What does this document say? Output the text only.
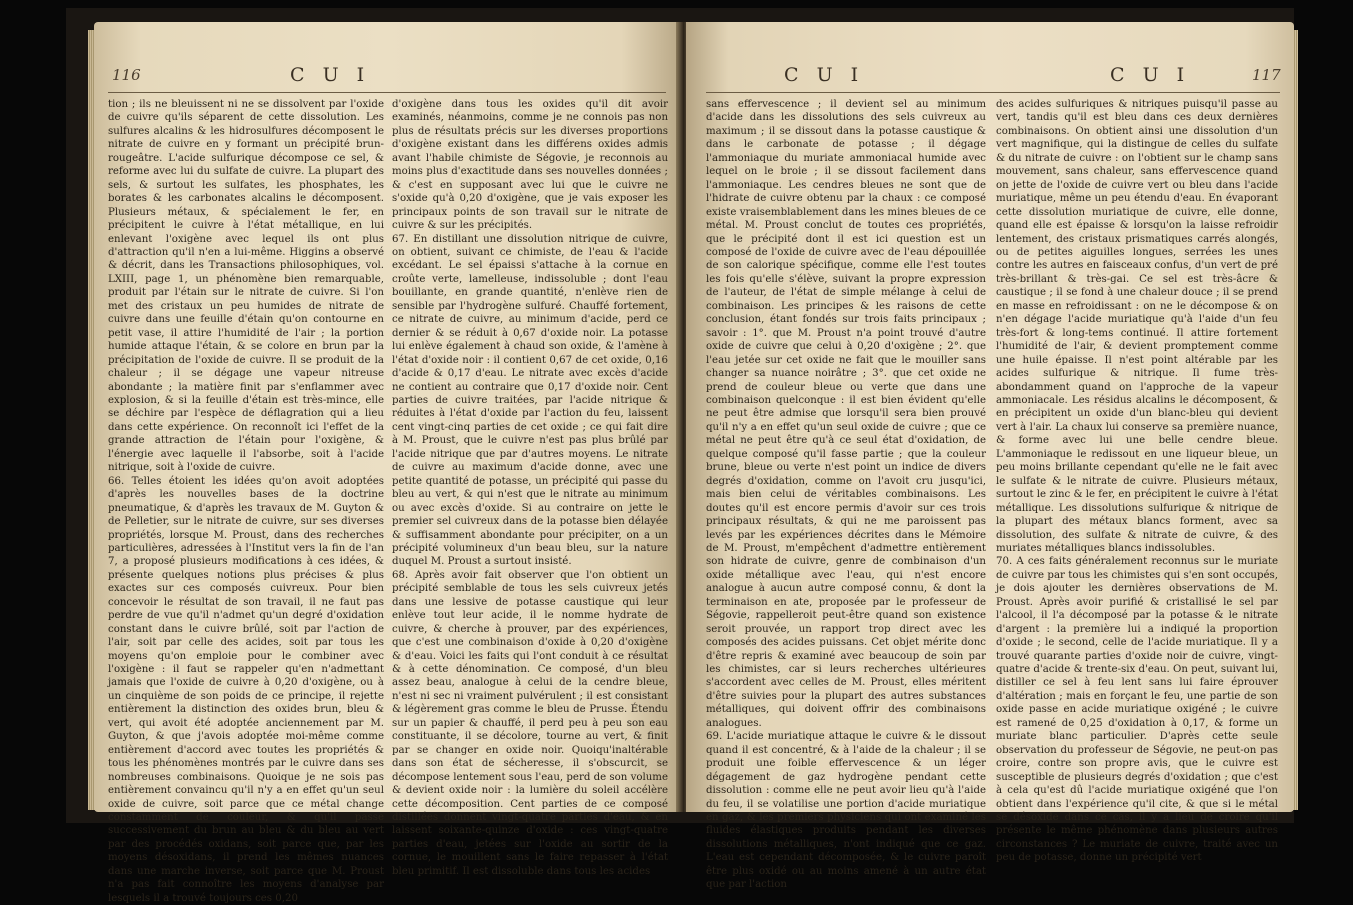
116	C U I

tion ; ils ne bleuissent ni ne se dissolvent par l'oxide de cuivre qu'ils séparent de cette dissolution. Les sulfures alcalins & les hidrosulfures décomposent le nitrate de cuivre en y formant un précipité brun-rougeâtre. L'acide sulfurique décompose ce sel, & reforme avec lui du sulfate de cuivre. La plupart des sels, & surtout les sulfates, les phosphates, les borates & les carbonates alcalins le décomposent. Plusieurs métaux, & spécialement le fer, en précipitent le cuivre à l'état métallique, en lui enlevant l'oxigène avec lequel ils ont plus d'attraction qu'il n'en a lui-même. Higgins a observé & décrit, dans les Transactions philosophiques, vol. LXIII, page 1, un phénomène bien remarquable, produit par l'étain sur le nitrate de cuivre. Si l'on met des cristaux un peu humides de nitrate de cuivre dans une feuille d'étain qu'on contourne en petit vase, il attire l'humidité de l'air ; la portion humide attaque l'étain, & se colore en brun par la précipitation de l'oxide de cuivre. Il se produit de la chaleur ; il se dégage une vapeur nitreuse abondante ; la matière finit par s'enflammer avec explosion, & si la feuille d'étain est très-mince, elle se déchire par l'espèce de déflagration qui a lieu dans cette expérience. On reconnoît ici l'effet de la grande attraction de l'étain pour l'oxigène, & l'énergie avec laquelle il l'absorbe, soit à l'acide nitrique, soit à l'oxide de cuivre.
66. Telles étoient les idées qu'on avoit adoptées d'après les nouvelles bases de la doctrine pneumatique, & d'après les travaux de M. Guyton & de Pelletier, sur le nitrate de cuivre, sur ses diverses propriétés, lorsque M. Proust, dans des recherches particulières, adressées à l'Institut vers la fin de l'an 7, a proposé plusieurs modifications à ces idées, & présente quelques notions plus précises & plus exactes sur ces composés cuivreux. Pour bien concevoir le résultat de son travail, il ne faut pas perdre de vue qu'il n'admet qu'un degré d'oxidation constant dans le cuivre brûlé, soit par l'action de l'air, soit par celle des acides, soit par tous les moyens qu'on emploie pour le combiner avec l'oxigène : il faut se rappeler qu'en n'admettant jamais que l'oxide de cuivre à 0,20 d'oxigène, ou à un cinquième de son poids de ce principe, il rejette entièrement la distinction des oxides brun, bleu & vert, qui avoit été adoptée anciennement par M. Guyton, & que j'avois adoptée moi-même comme entièrement d'accord avec toutes les propriétés & tous les phénomènes montrés par le cuivre dans ses nombreuses combinaisons. Quoique je ne sois pas entièrement convaincu qu'il n'y a en effet qu'un seul oxide de cuivre, soit parce que ce métal change constamment de couleur, & qu'il passe successivement du brun au bleu & du bleu au vert par des procédés oxidans, soit parce que, par les moyens désoxidans, il prend les mêmes nuances dans une marche inverse, soit parce que M. Proust n'a pas fait connoître les moyens d'analyse par lesquels il a trouvé toujours ces 0,20

d'oxigène dans tous les oxides qu'il dit avoir examinés, néanmoins, comme je ne connois pas non plus de résultats précis sur les diverses proportions d'oxigène existant dans les différens oxides admis avant l'habile chimiste de Ségovie, je reconnois au moins plus d'exactitude dans ses nouvelles données ; & c'est en supposant avec lui que le cuivre ne s'oxide qu'à 0,20 d'oxigène, que je vais exposer les principaux points de son travail sur le nitrate de cuivre & sur les précipités.
67. En distillant une dissolution nitrique de cuivre, on obtient, suivant ce chimiste, de l'eau & l'acide excédant. Le sel épaissi s'attache à la cornue en croûte verte, lamelleuse, indissoluble ; dont l'eau bouillante, en grande quantité, n'enlève rien de sensible par l'hydrogène sulfuré. Chauffé fortement, ce nitrate de cuivre, au minimum d'acide, perd ce dernier & se réduit à 0,67 d'oxide noir. La potasse lui enlève également à chaud son oxide, & l'amène à l'état d'oxide noir : il contient 0,67 de cet oxide, 0,16 d'acide & 0,17 d'eau. Le nitrate avec excès d'acide ne contient au contraire que 0,17 d'oxide noir. Cent parties de cuivre traitées, par l'acide nitrique & réduites à l'état d'oxide par l'action du feu, laissent cent vingt-cinq parties de cet oxide ; ce qui fait dire à M. Proust, que le cuivre n'est pas plus brûlé par l'acide nitrique que par d'autres moyens. Le nitrate de cuivre au maximum d'acide donne, avec une petite quantité de potasse, un précipité qui passe du bleu au vert, & qui n'est que le nitrate au minimum ou avec excès d'oxide. Si au contraire on jette le premier sel cuivreux dans de la potasse bien délayée & suffisamment abondante pour précipiter, on a un précipité volumineux d'un beau bleu, sur la nature duquel M. Proust a surtout insisté.
68. Après avoir fait observer que l'on obtient un précipité semblable de tous les sels cuivreux jetés dans une lessive de potasse caustique qui leur enlève tout leur acide, il le nomme hydrate de cuivre, & cherche à prouver, par des expériences, que c'est une combinaison d'oxide à 0,20 d'oxigène & d'eau. Voici les faits qui l'ont conduit à ce résultat & à cette dénomination. Ce composé, d'un bleu assez beau, analogue à celui de la cendre bleue, n'est ni sec ni vraiment pulvérulent ; il est consistant & légèrement gras comme le bleu de Prusse. Étendu sur un papier & chauffé, il perd peu à peu son eau constituante, il se décolore, tourne au vert, & finit par se changer en oxide noir. Quoiqu'inaltérable dans son état de sécheresse, il s'obscurcit, se décompose lentement sous l'eau, perd de son volume & devient oxide noir : la lumière du soleil accélère cette décomposition. Cent parties de ce composé distillées donnent vingt-quatre parties d'eau, & en laissent soixante-quinze d'oxide : ces vingt-quatre parties d'eau, jetées sur l'oxide au sortir de la cornue, le mouillent sans le faire repasser à l'état bleu primitif. Il est dissoluble dans tous les acides

C U I	C U I	117

sans effervescence ; il devient sel au minimum d'acide dans les dissolutions des sels cuivreux au maximum ; il se dissout dans la potasse caustique & dans le carbonate de potasse ; il dégage l'ammoniaque du muriate ammoniacal humide avec lequel on le broie ; il se dissout facilement dans l'ammoniaque. Les cendres bleues ne sont que de l'hidrate de cuivre obtenu par la chaux : ce composé existe vraisemblablement dans les mines bleues de ce métal. M. Proust conclut de toutes ces propriétés, que le précipité dont il est ici question est un composé de l'oxide de cuivre avec de l'eau dépouillée de son calorique spécifique, comme elle l'est toutes les fois qu'elle s'élève, suivant la propre expression de l'auteur, de l'état de simple mélange à celui de combinaison. Les principes & les raisons de cette conclusion, étant fondés sur trois faits principaux ; savoir : 1°. que M. Proust n'a point trouvé d'autre oxide de cuivre que celui à 0,20 d'oxigène ; 2°. que l'eau jetée sur cet oxide ne fait que le mouiller sans changer sa nuance noirâtre ; 3°. que cet oxide ne prend de couleur bleue ou verte que dans une combinaison quelconque : il est bien évident qu'elle ne peut être admise que lorsqu'il sera bien prouvé qu'il n'y a en effet qu'un seul oxide de cuivre ; que ce métal ne peut être qu'à ce seul état d'oxidation, de quelque composé qu'il fasse partie ; que la couleur brune, bleue ou verte n'est point un indice de divers degrés d'oxidation, comme on l'avoit cru jusqu'ici, mais bien celui de véritables combinaisons. Les doutes qu'il est encore permis d'avoir sur ces trois principaux résultats, & qui ne me paroissent pas levés par les expériences décrites dans le Mémoire de M. Proust, m'empêchent d'admettre entièrement son hidrate de cuivre, genre de combinaison d'un oxide métallique avec l'eau, qui n'est encore analogue à aucun autre composé connu, & dont la terminaison en ate, proposée par le professeur de Ségovie, rappelleroit peut-être quand son existence seroit prouvée, un rapport trop direct avec les composés des acides puissans. Cet objet mérite donc d'être repris & examiné avec beaucoup de soin par les chimistes, car si leurs recherches ultérieures s'accordent avec celles de M. Proust, elles méritent d'être suivies pour la plupart des autres substances métalliques, qui doivent offrir des combinaisons analogues.
69. L'acide muriatique attaque le cuivre & le dissout quand il est concentré, & à l'aide de la chaleur ; il se produit une foible effervescence & un léger dégagement de gaz hydrogène pendant cette dissolution : comme elle ne peut avoir lieu qu'à l'aide du feu, il se volatilise une portion d'acide muriatique en gaz, & les premiers physiciens qui ont examiné les fluides élastiques produits pendant les diverses dissolutions métalliques, n'ont indiqué que ce gaz. L'eau est cependant décomposée, & le cuivre paroît être plus oxidé ou au moins amené à un autre état que par l'action

des acides sulfuriques & nitriques puisqu'il passe au vert, tandis qu'il est bleu dans ces deux dernières combinaisons. On obtient ainsi une dissolution d'un vert magnifique, qui la distingue de celles du sulfate & du nitrate de cuivre : on l'obtient sur le champ sans mouvement, sans chaleur, sans effervescence quand on jette de l'oxide de cuivre vert ou bleu dans l'acide muriatique, même un peu étendu d'eau. En évaporant cette dissolution muriatique de cuivre, elle donne, quand elle est épaisse & lorsqu'on la laisse refroidir lentement, des cristaux prismatiques carrés alongés, ou de petites aiguilles longues, serrées les unes contre les autres en faisceaux confus, d'un vert de pré très-brillant & très-gai. Ce sel est très-âcre & caustique ; il se fond à une chaleur douce ; il se prend en masse en refroidissant : on ne le décompose & on n'en dégage l'acide muriatique qu'à l'aide d'un feu très-fort & long-tems continué. Il attire fortement l'humidité de l'air, & devient promptement comme une huile épaisse. Il n'est point altérable par les acides sulfurique & nitrique. Il fume très-abondamment quand on l'approche de la vapeur ammoniacale. Les résidus alcalins le décomposent, & en précipitent un oxide d'un blanc-bleu qui devient vert à l'air. La chaux lui conserve sa première nuance, & forme avec lui une belle cendre bleue. L'ammoniaque le redissout en une liqueur bleue, un peu moins brillante cependant qu'elle ne le fait avec le sulfate & le nitrate de cuivre. Plusieurs métaux, surtout le zinc & le fer, en précipitent le cuivre à l'état métallique. Les dissolutions sulfurique & nitrique de la plupart des métaux blancs forment, avec sa dissolution, des sulfate & nitrate de cuivre, & des muriates métalliques blancs indissolubles.
70. A ces faits généralement reconnus sur le muriate de cuivre par tous les chimistes qui s'en sont occupés, je dois ajouter les dernières observations de M. Proust. Après avoir purifié & cristallisé le sel par l'alcool, il l'a décomposé par la potasse & le nitrate d'argent : la première lui a indiqué la proportion d'oxide ; le second, celle de l'acide muriatique. Il y a trouvé quarante parties d'oxide noir de cuivre, vingt-quatre d'acide & trente-six d'eau. On peut, suivant lui, distiller ce sel à feu lent sans lui faire éprouver d'altération ; mais en forçant le feu, une partie de son oxide passe en acide muriatique oxigéné ; le cuivre est ramené de 0,25 d'oxidation à 0,17, & forme un muriate blanc particulier. D'après cette seule observation du professeur de Ségovie, ne peut-on pas croire, contre son propre avis, que le cuivre est susceptible de plusieurs degrés d'oxidation ; que c'est à cela qu'est dû l'acide muriatique oxigéné que l'on obtient dans l'expérience qu'il cite, & que si le métal se désoxide dans ce cas, il y a lieu de croire qu'il présente le même phénomène dans plusieurs autres circonstances ? Le muriate de cuivre, traité avec un peu de potasse, donne un précipité vert
